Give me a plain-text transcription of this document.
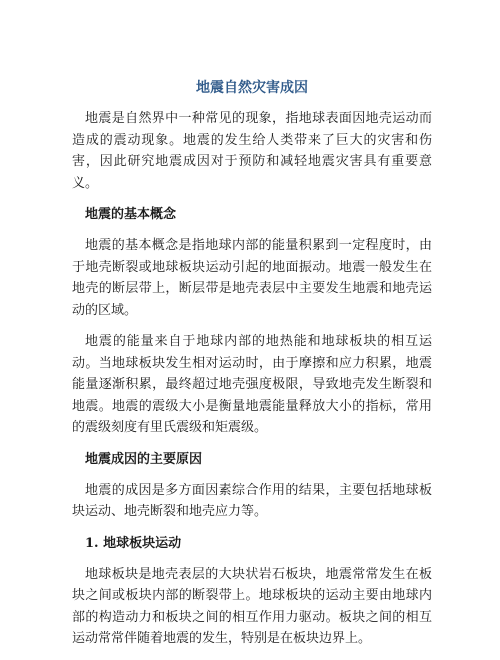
地震自然灾害成因

地震是自然界中一种常见的现象，指地球表面因地壳运动而造成的震动现象。地震的发生给人类带来了巨大的灾害和伤害，因此研究地震成因对于预防和减轻地震灾害具有重要意义。

地震的基本概念

地震的基本概念是指地球内部的能量积累到一定程度时，由于地壳断裂或地球板块运动引起的地面振动。地震一般发生在地壳的断层带上，断层带是地壳表层中主要发生地震和地壳运动的区域。

地震的能量来自于地球内部的地热能和地球板块的相互运动。当地球板块发生相对运动时，由于摩擦和应力积累，地震能量逐渐积累，最终超过地壳强度极限，导致地壳发生断裂和地震。地震的震级大小是衡量地震能量释放大小的指标，常用的震级刻度有里氏震级和矩震级。

地震成因的主要原因

地震的成因是多方面因素综合作用的结果，主要包括地球板块运动、地壳断裂和地壳应力等。

1. 地球板块运动

地球板块是地壳表层的大块状岩石板块，地震常常发生在板块之间或板块内部的断裂带上。地球板块的运动主要由地球内部的构造动力和板块之间的相互作用力驱动。板块之间的相互运动常常伴随着地震的发生，特别是在板块边界上。
